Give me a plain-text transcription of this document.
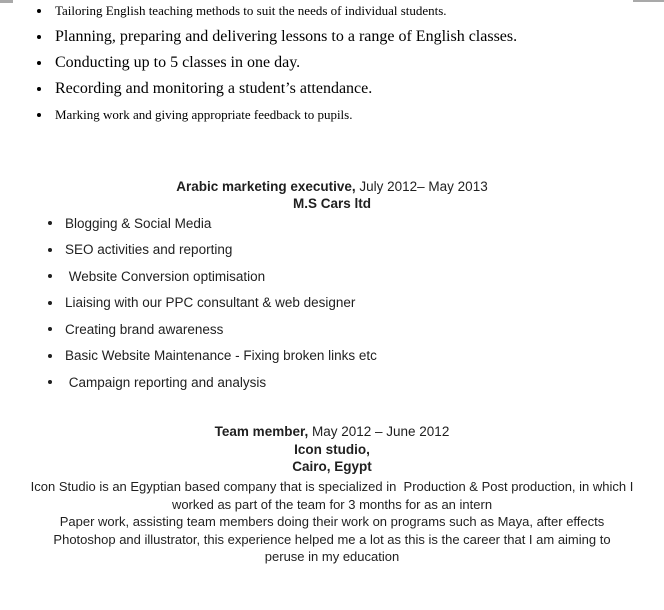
Tailoring English teaching methods to suit the needs of individual students.
Planning, preparing and delivering lessons to a range of English classes.
Conducting up to 5 classes in one day.
Recording and monitoring a student’s attendance.
Marking work and giving appropriate feedback to pupils.
Arabic marketing executive, July 2012– May 2013
M.S Cars ltd
Blogging & Social Media
SEO activities and reporting
Website Conversion optimisation
Liaising with our PPC consultant & web designer
Creating brand awareness
Basic Website Maintenance - Fixing broken links etc
Campaign reporting and analysis
Team member, May 2012 – June 2012
Icon studio,
Cairo, Egypt
Icon Studio is an Egyptian based company that is specialized in  Production & Post production, in which I
worked as part of the team for 3 months for as an intern
Paper work, assisting team members doing their work on programs such as Maya, after effects
Photoshop and illustrator, this experience helped me a lot as this is the career that I am aiming to
peruse in my education
